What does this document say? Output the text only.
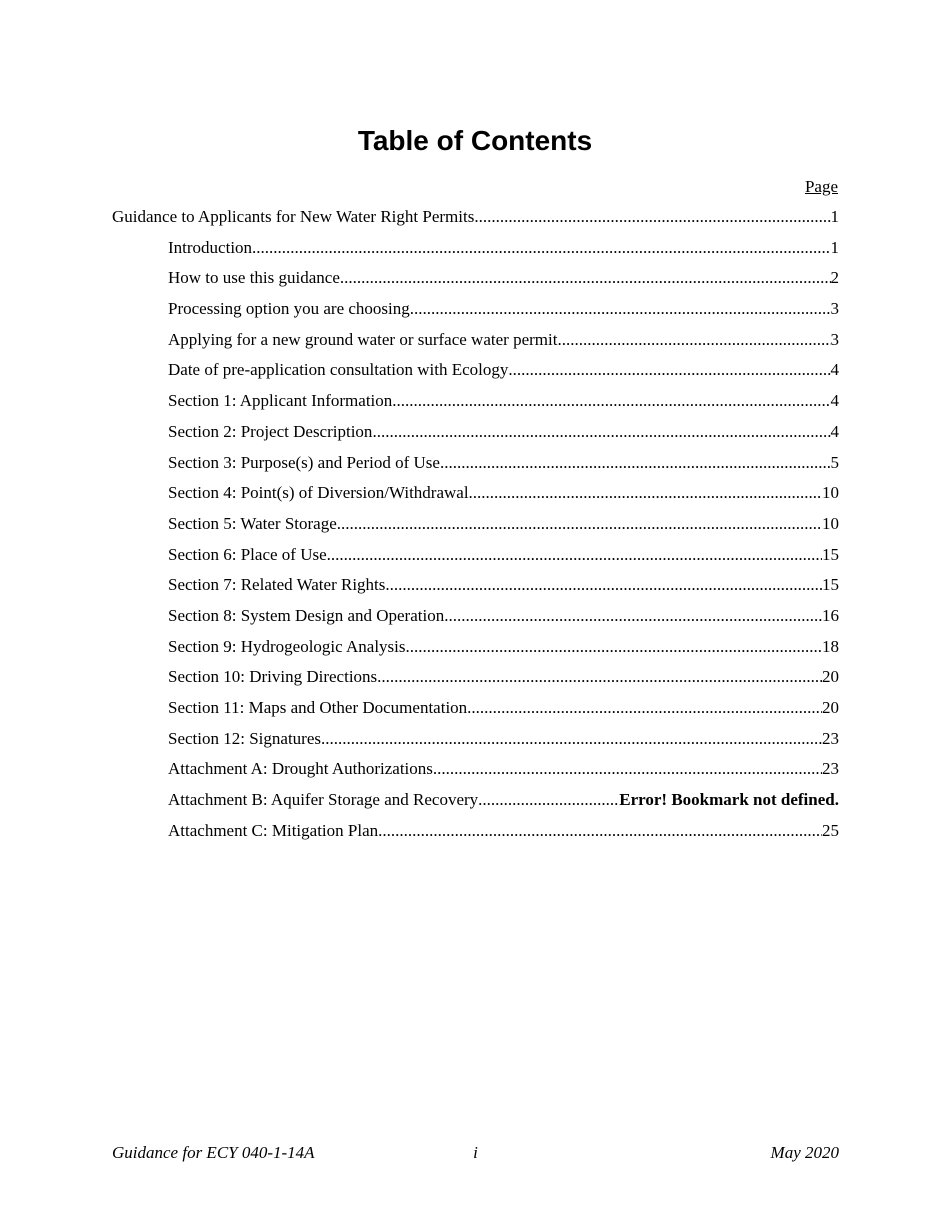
Table of Contents
Page
Guidance to Applicants for New Water Right Permits .....	1
Introduction .....	1
How to use this guidance .....	2
Processing option you are choosing .....	3
Applying for a new ground water or surface water permit .....	3
Date of pre-application consultation with Ecology .....	4
Section 1: Applicant Information .....	4
Section 2: Project Description .....	4
Section 3: Purpose(s) and Period of Use .....	5
Section 4: Point(s) of Diversion/Withdrawal .....	10
Section 5: Water Storage .....	10
Section 6: Place of Use .....	15
Section 7: Related Water Rights .....	15
Section 8: System Design and Operation .....	16
Section 9: Hydrogeologic Analysis .....	18
Section 10: Driving Directions .....	20
Section 11: Maps and Other Documentation .....	20
Section 12: Signatures .....	23
Attachment A: Drought Authorizations .....	23
Attachment B: Aquifer Storage and Recovery .....	Error! Bookmark not defined.
Attachment C: Mitigation Plan .....	25
Guidance for ECY 040-1-14A	i	May 2020
